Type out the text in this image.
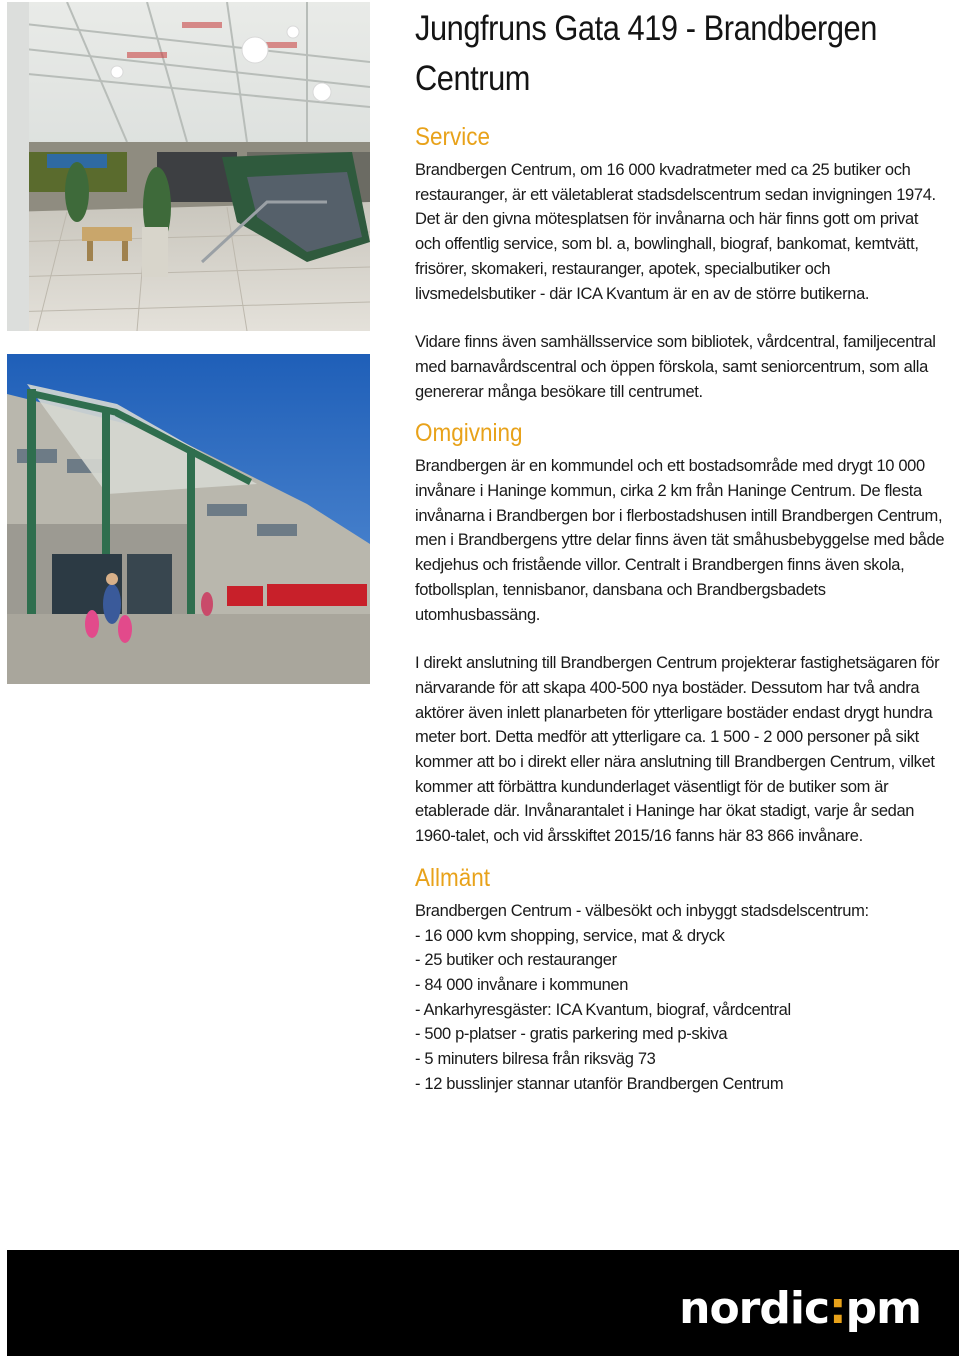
Jungfruns Gata 419 - Brandbergen Centrum
Service

Brandbergen Centrum, om 16 000 kvadratmeter med ca 25 butiker och restauranger, är ett väletablerat stadsdelscentrum sedan invigningen 1974. Det är den givna mötesplatsen för invånarna och här finns gott om privat och offentlig service, som bl. a, bowlinghall, biograf, bankomat, kemtvätt, frisörer, skomakeri, restauranger, apotek, specialbutiker och livsmedelsbutiker - där ICA Kvantum är en av de större butikerna.

Vidare finns även samhällsservice som bibliotek, vårdcentral, familjecentral med barnavårdscentral och öppen förskola, samt seniorcentrum, som alla genererar många besökare till centrumet.

Omgivning

Brandbergen är en kommundel och ett bostadsområde med drygt 10 000 invånare i Haninge kommun, cirka 2 km från Haninge Centrum. De flesta invånarna i Brandbergen bor i flerbostadshusen intill Brandbergen Centrum, men i Brandbergens yttre delar finns även tät småhusbebyggelse med både kedjehus och fristående villor. Centralt i Brandbergen finns även skola, fotbollsplan, tennisbanor, dansbana och Brandbergsbadets utomhusbassäng.

I direkt anslutning till Brandbergen Centrum projekterar fastighetsägaren för närvarande för att skapa 400-500 nya bostäder. Dessutom har två andra aktörer även inlett planarbeten för ytterligare bostäder endast drygt hundra meter bort. Detta medför att ytterligare ca. 1 500 - 2 000 personer på sikt kommer att bo i direkt eller nära anslutning till Brandbergen Centrum, vilket kommer att förbättra kundunderlaget väsentligt för de butiker som är etablerade där. Invånarantalet i Haninge har ökat stadigt, varje år sedan 1960-talet, och vid årsskiftet 2015/16 fanns här 83 866 invånare.

Allmänt

Brandbergen Centrum - välbesökt och inbyggt stadsdelscentrum:

- 16 000 kvm shopping, service, mat & dryck
- 25 butiker och restauranger
- 84 000 invånare i kommunen
- Ankarhyresgäster: ICA Kvantum, biograf, vårdcentral
- 500 p-platser - gratis parkering med p-skiva
- 5 minuters bilresa från riksväg 73
- 12 busslinjer stannar utanför Brandbergen Centrum
nordic:pm
